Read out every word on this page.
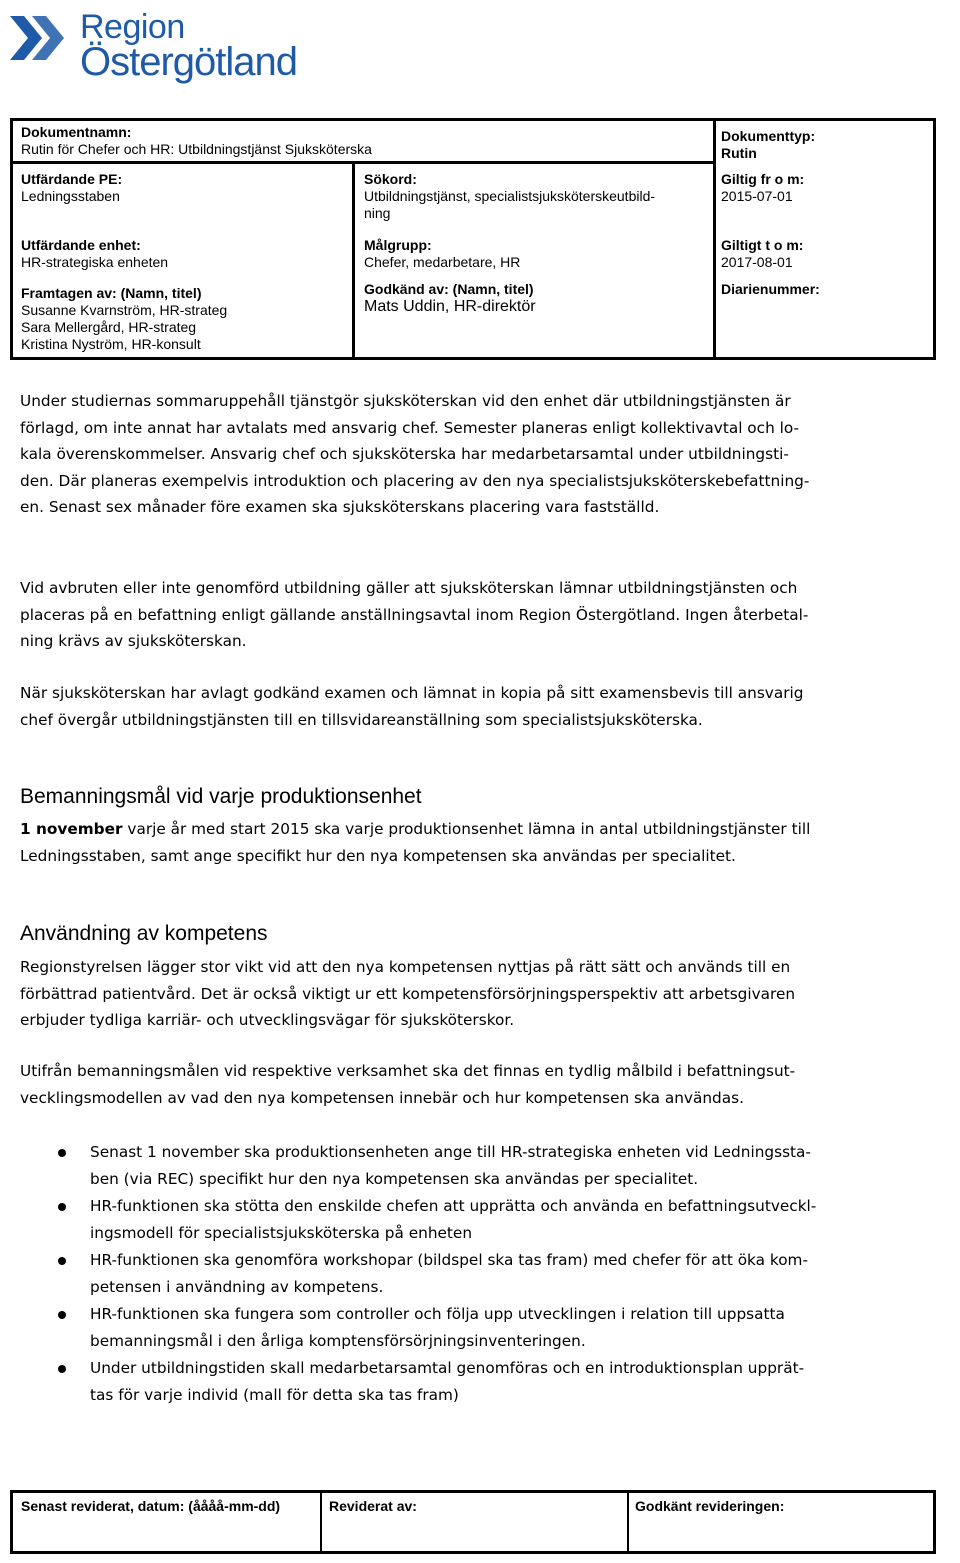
Region
Östergötland
Dokumentnamn:
Rutin för Chefer och HR: Utbildningstjänst Sjuksköterska
Dokumenttyp:
Rutin
Utfärdande PE:
Ledningsstaben
Sökord:
Utbildningstjänst, specialistsjuksköterskeutbild-
ning
Giltig fr o m:
2015-07-01
Utfärdande enhet:
HR-strategiska enheten
Målgrupp:
Chefer, medarbetare, HR
Giltigt t o m:
2017-08-01
Framtagen av: (Namn, titel)
Susanne Kvarnström, HR-strateg
Sara Mellergård, HR-strateg
Kristina Nyström, HR-konsult
Godkänd av: (Namn, titel)
Mats Uddin, HR-direktör
Diarienummer:

Under studiernas sommaruppehåll tjänstgör sjuksköterskan vid den enhet där utbildningstjänsten är
förlagd, om inte annat har avtalats med ansvarig chef. Semester planeras enligt kollektivavtal och lo-
kala överenskommelser. Ansvarig chef och sjuksköterska har medarbetarsamtal under utbildningsti-
den. Där planeras exempelvis introduktion och placering av den nya specialistsjuksköterskebefattning-
en. Senast sex månader före examen ska sjuksköterskans placering vara fastställd.

Vid avbruten eller inte genomförd utbildning gäller att sjuksköterskan lämnar utbildningstjänsten och
placeras på en befattning enligt gällande anställningsavtal inom Region Östergötland. Ingen återbetal-
ning krävs av sjuksköterskan.

När sjuksköterskan har avlagt godkänd examen och lämnat in kopia på sitt examensbevis till ansvarig
chef övergår utbildningstjänsten till en tillsvidareanställning som specialistsjuksköterska.

Bemanningsmål vid varje produktionsenhet

1 november varje år med start 2015 ska varje produktionsenhet lämna in antal utbildningstjänster till
Ledningsstaben, samt ange specifikt hur den nya kompetensen ska användas per specialitet.

Användning av kompetens

Regionstyrelsen lägger stor vikt vid att den nya kompetensen nyttjas på rätt sätt och används till en
förbättrad patientvård. Det är också viktigt ur ett kompetensförsörjningsperspektiv att arbetsgivaren
erbjuder tydliga karriär- och utvecklingsvägar för sjuksköterskor.

Utifrån bemanningsmålen vid respektive verksamhet ska det finnas en tydlig målbild i befattningsut-
vecklingsmodellen av vad den nya kompetensen innebär och hur kompetensen ska användas.

Senast 1 november ska produktionsenheten ange till HR-strategiska enheten vid Ledningssta-
ben (via REC) specifikt hur den nya kompetensen ska användas per specialitet.
HR-funktionen ska stötta den enskilde chefen att upprätta och använda en befattningsutveckl-
ingsmodell för specialistsjuksköterska på enheten
HR-funktionen ska genomföra workshopar (bildspel ska tas fram) med chefer för att öka kom-
petensen i användning av kompetens.
HR-funktionen ska fungera som controller och följa upp utvecklingen i relation till uppsatta
bemanningsmål i den årliga komptensförsörjningsinventeringen.
Under utbildningstiden skall medarbetarsamtal genomföras och en introduktionsplan upprät-
tas för varje individ (mall för detta ska tas fram)
Senast reviderat, datum: (åååå-mm-dd)	Reviderat av:	Godkänt revideringen:
